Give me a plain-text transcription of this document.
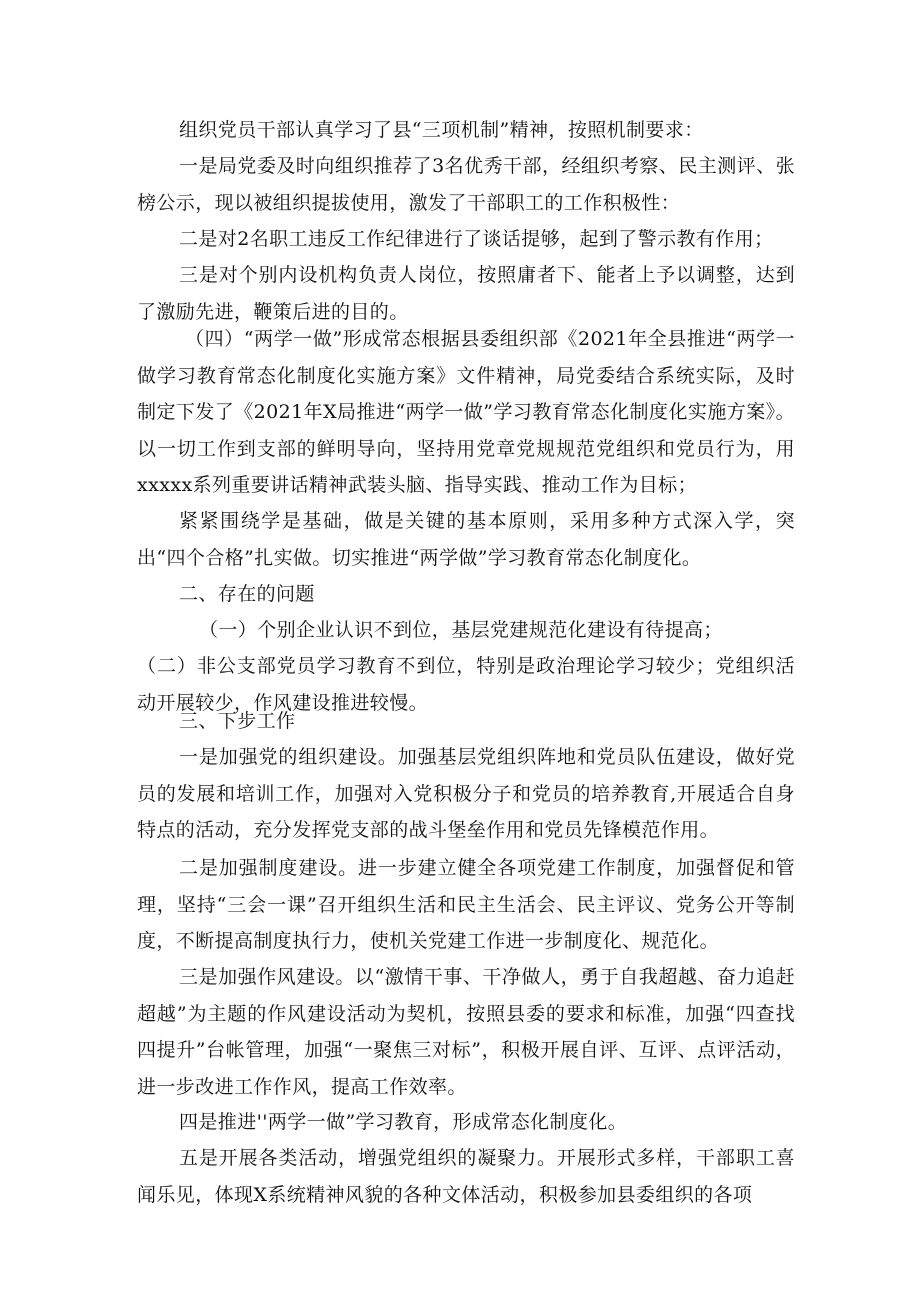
组织党员干部认真学习了县“三项机制”精神，按照机制要求：

一是局党委及时向组织推荐了3名优秀干部，经组织考察、民主测评、张榜公示，现以被组织提拔使用，激发了干部职工的工作积极性：

二是对2名职工违反工作纪律进行了谈话提够，起到了警示教有作用；

三是对个别内设机构负责人岗位，按照庸者下、能者上予以调整，达到了激励先进，鞭策后进的目的。

（四）“两学一做”形成常态根据县委组织部《2021年全县推进“两学一做学习教育常态化制度化实施方案》文件精神，局党委结合系统实际，及时制定下发了《2021年X局推进“两学一做”学习教育常态化制度化实施方案》。以一切工作到支部的鲜明导向，坚持用党章党规规范党组织和党员行为，用xxxxx系列重要讲话精神武装头脑、指导实践、推动工作为目标；

紧紧围绕学是基础，做是关键的基本原则，采用多种方式深入学，突出“四个合格”扎实做。切实推进“两学做”学习教育常态化制度化。

二、存在的问题

（一）个别企业认识不到位，基层党建规范化建设有待提高；

（二）非公支部党员学习教育不到位，特别是政治理论学习较少；党组织活动开展较少，作风建设推进较慢。

三、下步工作

一是加强党的组织建设。加强基层党组织阵地和党员队伍建设，做好党员的发展和培训工作，加强对入党积极分子和党员的培养教育,开展适合自身特点的活动，充分发挥党支部的战斗堡垒作用和党员先锋模范作用。

二是加强制度建设。进一步建立健全各项党建工作制度，加强督促和管理，坚持“三会一课”召开组织生活和民主生活会、民主评议、党务公开等制度，不断提高制度执行力，使机关党建工作进一步制度化、规范化。

三是加强作风建设。以“激情干事、干净做人，勇于自我超越、奋力追赶超越”为主题的作风建设活动为契机，按照县委的要求和标准，加强“四查找四提升”台帐管理，加强“一聚焦三对标”，积极开展自评、互评、点评活动，进一步改进工作作风，提高工作效率。

四是推进''两学一做”学习教育，形成常态化制度化。

五是开展各类活动，增强党组织的凝聚力。开展形式多样，干部职工喜闻乐见，体现X系统精神风貌的各种文体活动，积极参加县委组织的各项
